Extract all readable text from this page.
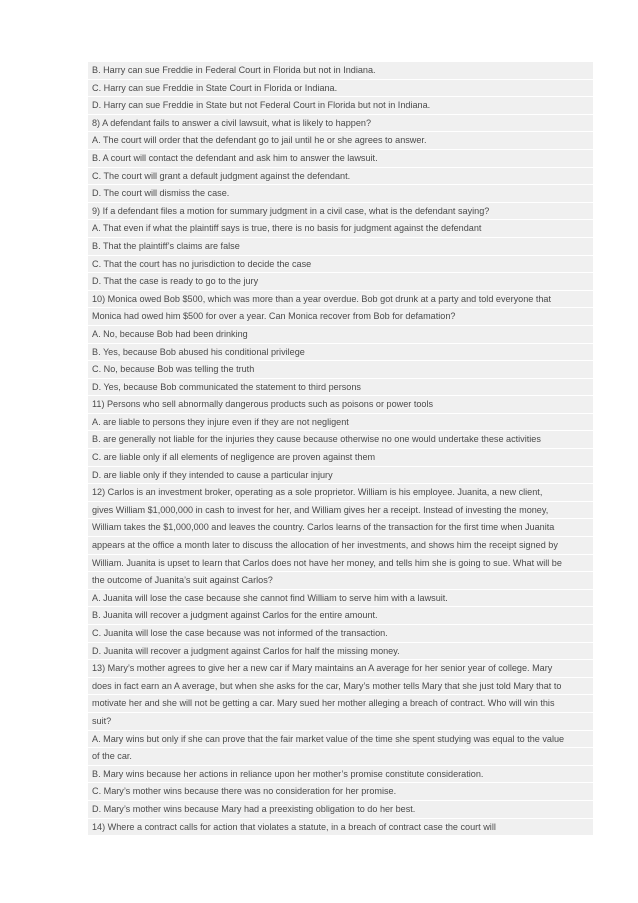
B. Harry can sue Freddie in Federal Court in Florida but not in Indiana.
C. Harry can sue Freddie in State Court in Florida or Indiana.
D. Harry can sue Freddie in State but not Federal Court in Florida but not in Indiana.
8) A defendant fails to answer a civil lawsuit, what is likely to happen?
A. The court will order that the defendant go to jail until he or she agrees to answer.
B. A court will contact the defendant and ask him to answer the lawsuit.
C. The court will grant a default judgment against the defendant.
D. The court will dismiss the case.
9) If a defendant files a motion for summary judgment in a civil case, what is the defendant saying?
A. That even if what the plaintiff says is true, there is no basis for judgment against the defendant
B. That the plaintiff’s claims are false
C. That the court has no jurisdiction to decide the case
D. That the case is ready to go to the jury
10) Monica owed Bob $500, which was more than a year overdue. Bob got drunk at a party and told everyone that
Monica had owed him $500 for over a year. Can Monica recover from Bob for defamation?
A. No, because Bob had been drinking
B. Yes, because Bob abused his conditional privilege
C. No, because Bob was telling the truth
D. Yes, because Bob communicated the statement to third persons
11) Persons who sell abnormally dangerous products such as poisons or power tools
A. are liable to persons they injure even if they are not negligent
B. are generally not liable for the injuries they cause because otherwise no one would undertake these activities
C. are liable only if all elements of negligence are proven against them
D. are liable only if they intended to cause a particular injury
12) Carlos is an investment broker, operating as a sole proprietor. William is his employee. Juanita, a new client,
gives William $1,000,000 in cash to invest for her, and William gives her a receipt. Instead of investing the money,
William takes the $1,000,000 and leaves the country. Carlos learns of the transaction for the first time when Juanita
appears at the office a month later to discuss the allocation of her investments, and shows him the receipt signed by
William. Juanita is upset to learn that Carlos does not have her money, and tells him she is going to sue. What will be
the outcome of Juanita’s suit against Carlos?
A. Juanita will lose the case because she cannot find William to serve him with a lawsuit.
B. Juanita will recover a judgment against Carlos for the entire amount.
C. Juanita will lose the case because was not informed of the transaction.
D. Juanita will recover a judgment against Carlos for half the missing money.
13) Mary’s mother agrees to give her a new car if Mary maintains an A average for her senior year of college. Mary
does in fact earn an A average, but when she asks for the car, Mary’s mother tells Mary that she just told Mary that to
motivate her and she will not be getting a car. Mary sued her mother alleging a breach of contract. Who will win this
suit?
A. Mary wins but only if she can prove that the fair market value of the time she spent studying was equal to the value
of the car.
B. Mary wins because her actions in reliance upon her mother’s promise constitute consideration.
C. Mary’s mother wins because there was no consideration for her promise.
D. Mary’s mother wins because Mary had a preexisting obligation to do her best.
14) Where a contract calls for action that violates a statute, in a breach of contract case the court will
